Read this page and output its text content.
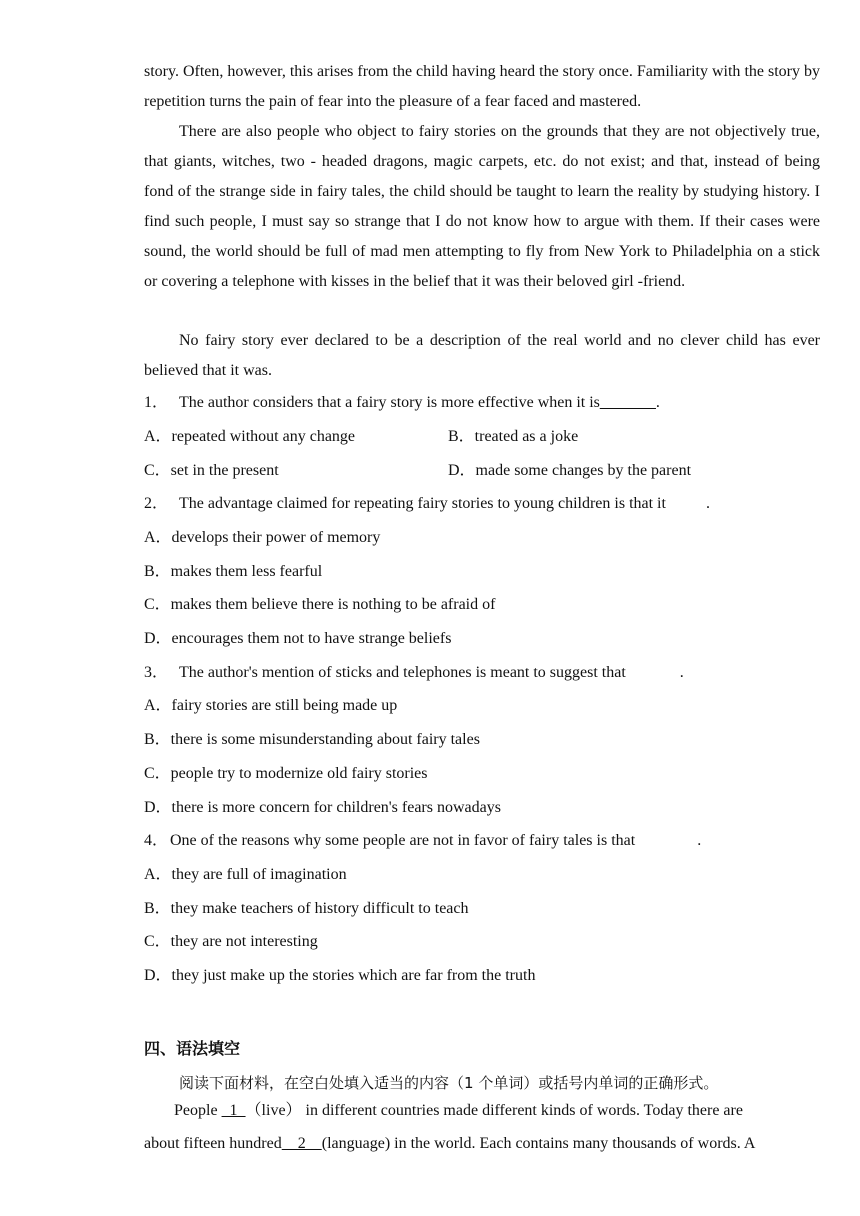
story. Often, however, this arises from the child having heard the story once. Familiarity with the story by repetition turns the pain of fear into the pleasure of a fear faced and mastered.

There are also people who object to fairy stories on the grounds that they are not objectively true, that giants, witches, two - headed dragons, magic carpets, etc. do not exist; and that, instead of being fond of the strange side in fairy tales, the child should be taught to learn the reality by studying history. I find such people, I must say so strange that I do not know how to argue with them. If their cases were sound, the world should be full of mad men attempting to fly from New York to Philadelphia on a stick or covering a telephone with kisses in the belief that it was their beloved girl -friend.

No fairy story ever declared to be a description of the real world and no clever child has ever believed that it was.

1． The author considers that a fairy story is more effective when it is_______.
A．repeated without any change	B．treated as a joke
C．set in the present	D．made some changes by the parent
2． The advantage claimed for repeating fairy stories to young children is that it	.
A．develops their power of memory
B．makes them less fearful
C．makes them believe there is nothing to be afraid of
D．encourages them not to have strange beliefs
3． The author's mention of sticks and telephones is meant to suggest that	.
A．fairy stories are still being made up
B．there is some misunderstanding about fairy tales
C．people try to modernize old fairy stories
D．there is more concern for children's fears nowadays
4． One of the reasons why some people are not in favor of fairy tales is that	.
A．they are full of imagination
B．they make teachers of history difficult to teach
C．they are not interesting
D．they just make up the stories which are far from the truth
四、语法填空
阅读下面材料，在空白处填入适当的内容（1 个单词）或括号内单词的正确形式。
People   1  （live） in different countries made different kinds of words. Today there are
about fifteen hundred    2    (language) in the world. Each contains many thousands of words. A
